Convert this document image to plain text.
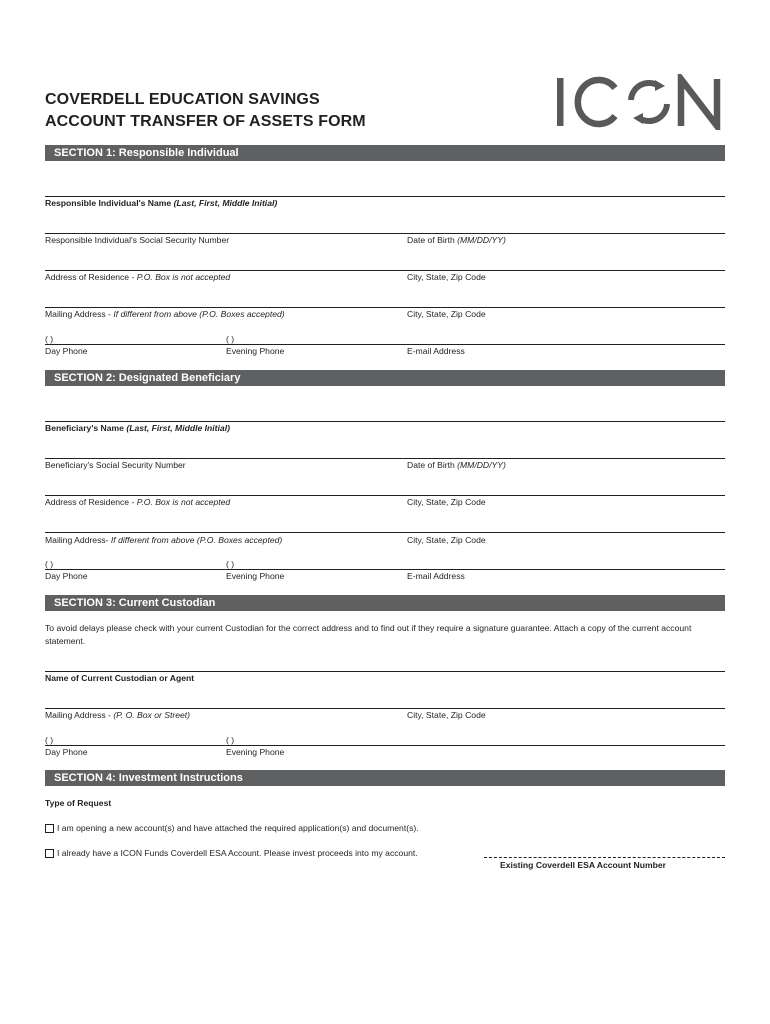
COVERDELL EDUCATION SAVINGS
ACCOUNT TRANSFER OF ASSETS FORM
SECTION 1: Responsible Individual
Responsible Individual's Name (Last, First, Middle Initial)
Responsible Individual's Social Security Number	Date of Birth (MM/DD/YY)
Address of Residence - P.O. Box is not accepted	City, State, Zip Code
Mailing Address - If different from above (P.O. Boxes accepted)	City, State, Zip Code
( )	( )
Day Phone	Evening Phone	E-mail Address
SECTION 2: Designated Beneficiary
Beneficiary's Name (Last, First, Middle Initial)
Beneficiary's Social Security Number	Date of Birth (MM/DD/YY)
Address of Residence - P.O. Box is not accepted	City, State, Zip Code
Mailing Address- If different from above (P.O. Boxes accepted)	City, State, Zip Code
( )	( )
Day Phone	Evening Phone	E-mail Address
SECTION 3: Current Custodian
To avoid delays please check with your current Custodian for the correct address and to find out if they require a signature guarantee. Attach a copy of the current account statement.
Name of Current Custodian or Agent
Mailing Address - (P. O. Box or Street)	City, State, Zip Code
( )	( )
Day Phone	Evening Phone
SECTION 4: Investment Instructions
Type of Request
I am opening a new account(s) and have attached the required application(s) and document(s).
I already have a ICON Funds Coverdell ESA Account. Please invest proceeds into my account.
Existing Coverdell ESA Account Number
